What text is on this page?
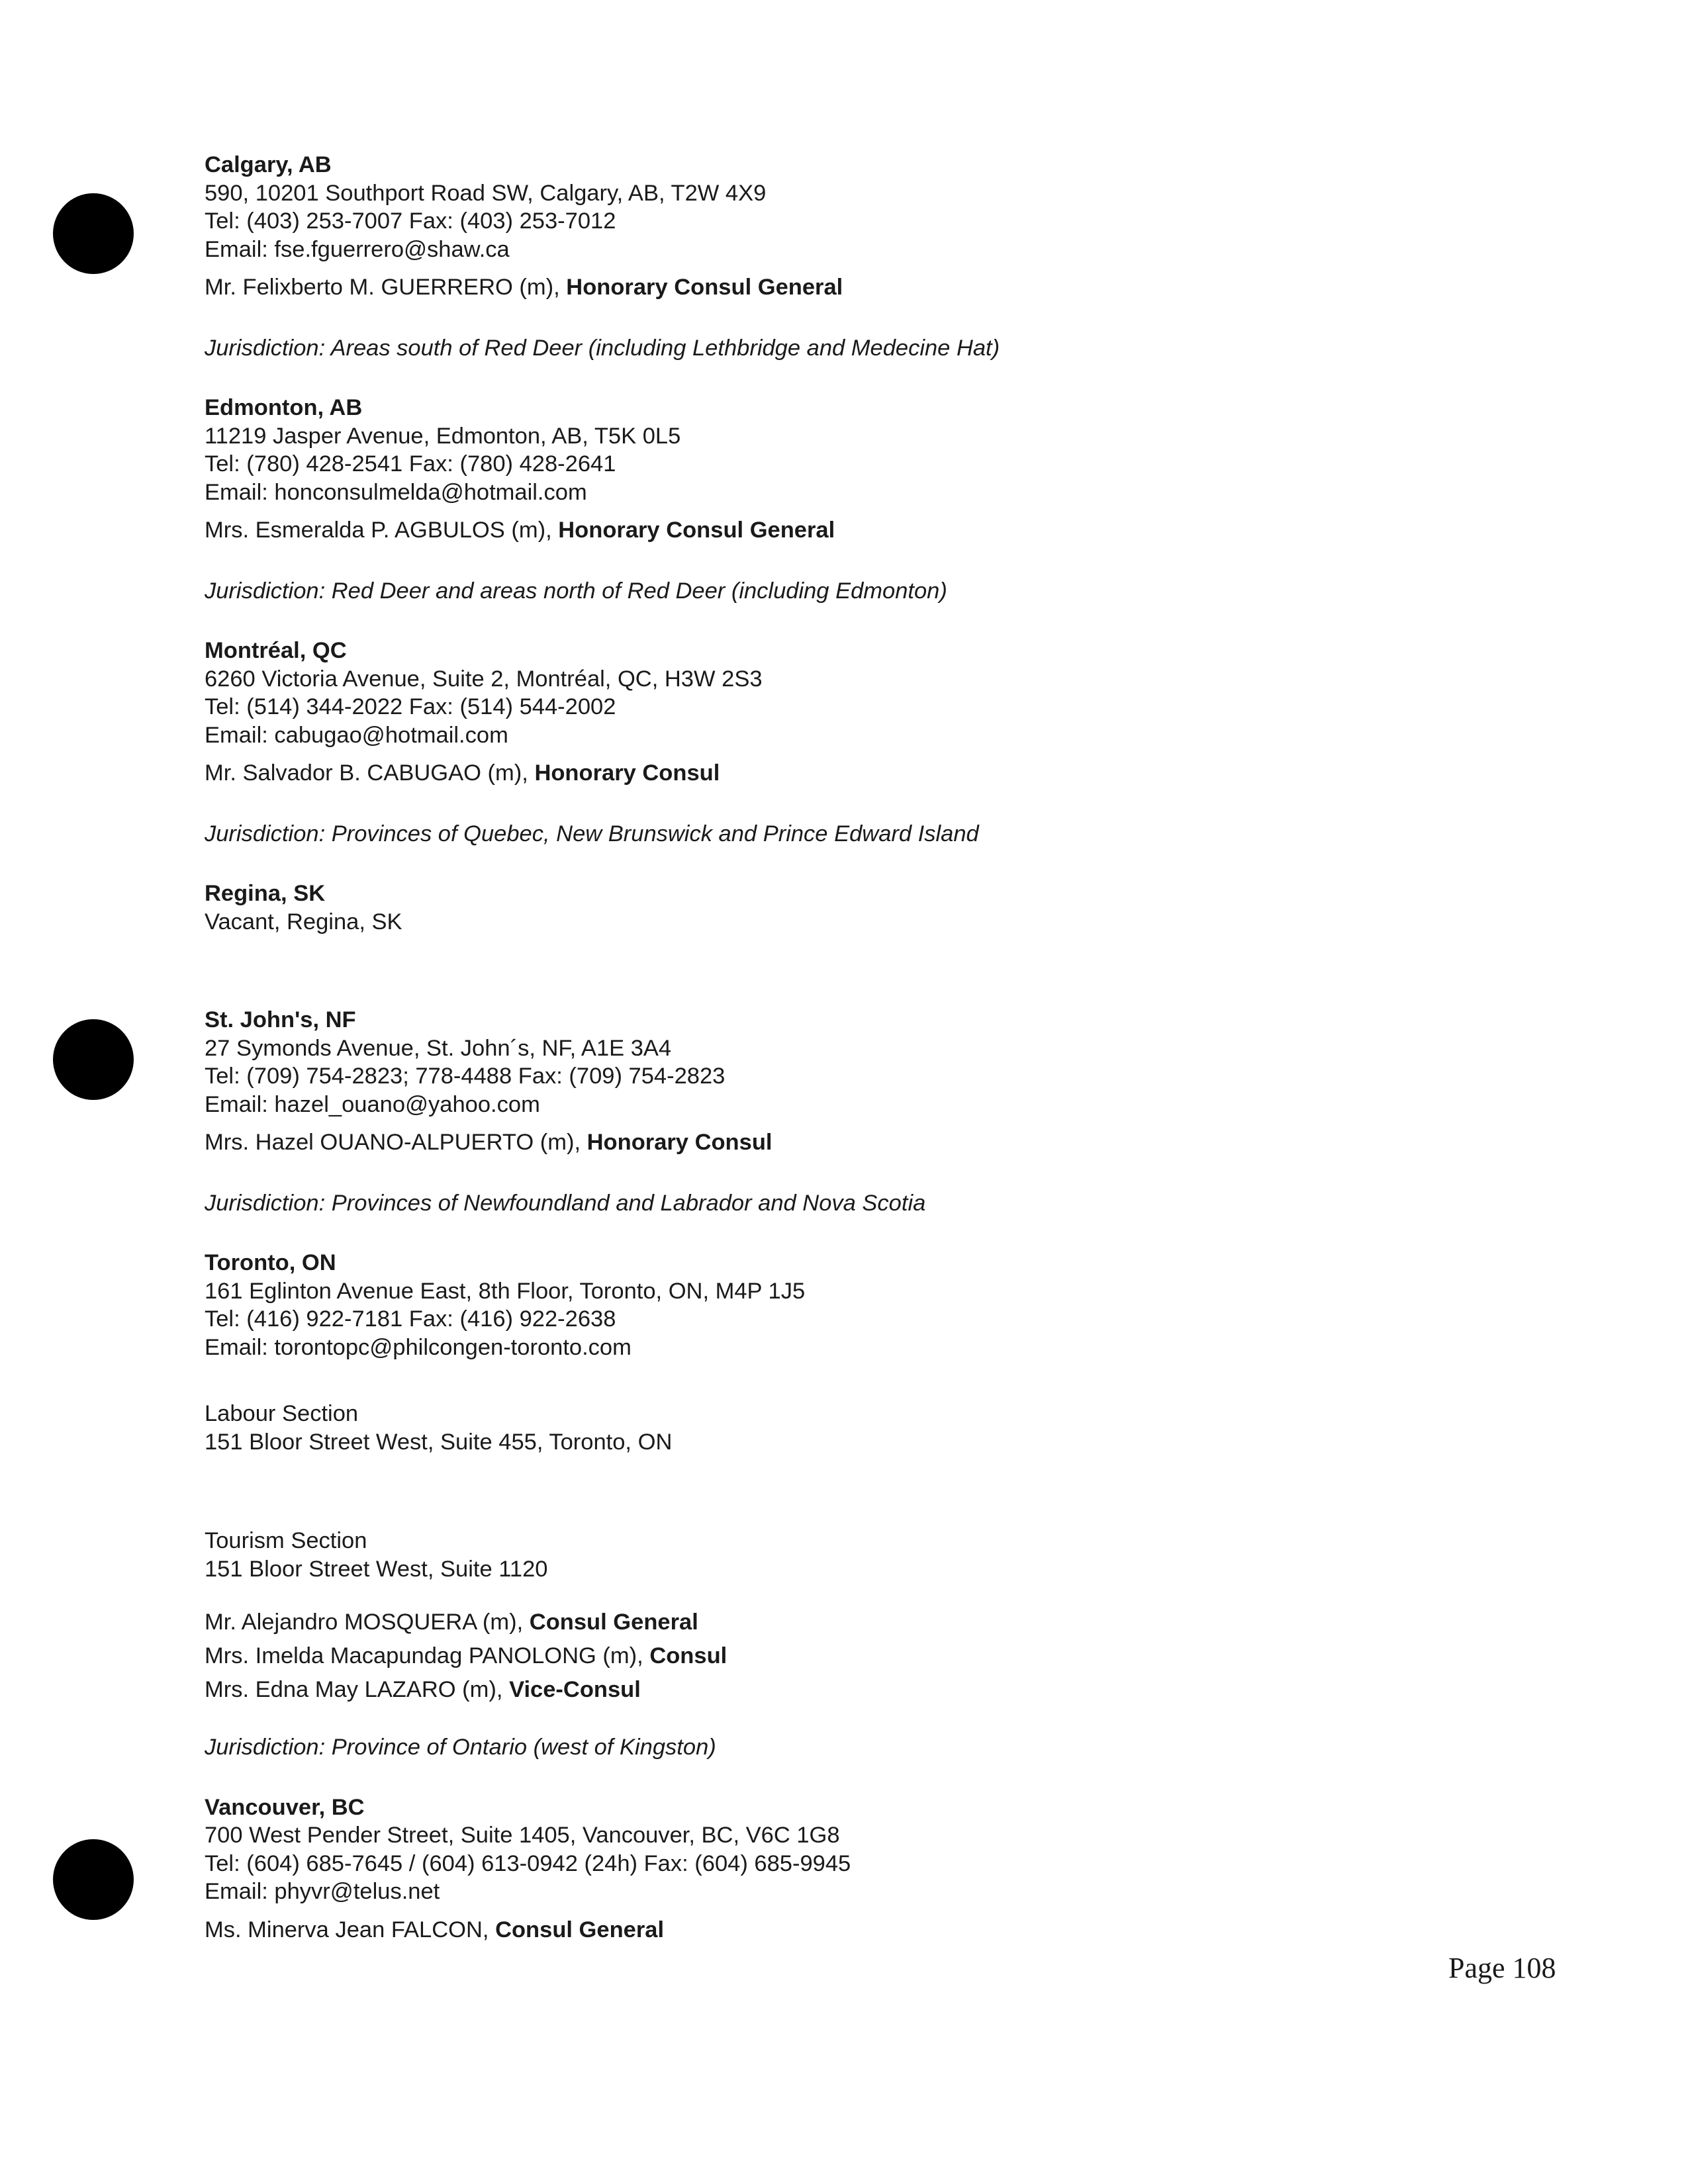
Calgary, AB
590, 10201 Southport Road SW, Calgary, AB, T2W 4X9
Tel: (403) 253-7007 Fax: (403) 253-7012
Email: fse.fguerrero@shaw.ca
Mr. Felixberto M. GUERRERO (m), Honorary Consul General
Jurisdiction: Areas south of Red Deer (including Lethbridge and Medecine Hat)
Edmonton, AB
11219 Jasper Avenue, Edmonton, AB, T5K 0L5
Tel: (780) 428-2541 Fax: (780) 428-2641
Email: honconsulmelda@hotmail.com
Mrs. Esmeralda P. AGBULOS (m), Honorary Consul General
Jurisdiction: Red Deer and areas north of Red Deer (including Edmonton)
Montréal, QC
6260 Victoria Avenue, Suite 2, Montréal, QC, H3W 2S3
Tel: (514) 344-2022 Fax: (514) 544-2002
Email: cabugao@hotmail.com
Mr. Salvador B. CABUGAO (m), Honorary Consul
Jurisdiction: Provinces of Quebec, New Brunswick and Prince Edward Island
Regina, SK
Vacant, Regina, SK
St. John's, NF
27 Symonds Avenue, St. John´s, NF, A1E 3A4
Tel: (709) 754-2823; 778-4488 Fax: (709) 754-2823
Email: hazel_ouano@yahoo.com
Mrs. Hazel OUANO-ALPUERTO (m), Honorary Consul
Jurisdiction: Provinces of Newfoundland and Labrador and Nova Scotia
Toronto, ON
161 Eglinton Avenue East, 8th Floor, Toronto, ON, M4P 1J5
Tel: (416) 922-7181 Fax: (416) 922-2638
Email: torontopc@philcongen-toronto.com
Labour Section
151 Bloor Street West, Suite 455, Toronto, ON
Tourism Section
151 Bloor Street West, Suite 1120
Mr. Alejandro MOSQUERA (m), Consul General
Mrs. Imelda Macapundag PANOLONG (m), Consul
Mrs. Edna May LAZARO (m), Vice-Consul
Jurisdiction: Province of Ontario (west of Kingston)
Vancouver, BC
700 West Pender Street, Suite 1405, Vancouver, BC, V6C 1G8
Tel: (604) 685-7645 / (604) 613-0942 (24h) Fax: (604) 685-9945
Email: phyvr@telus.net
Ms. Minerva Jean FALCON, Consul General
Page 108
